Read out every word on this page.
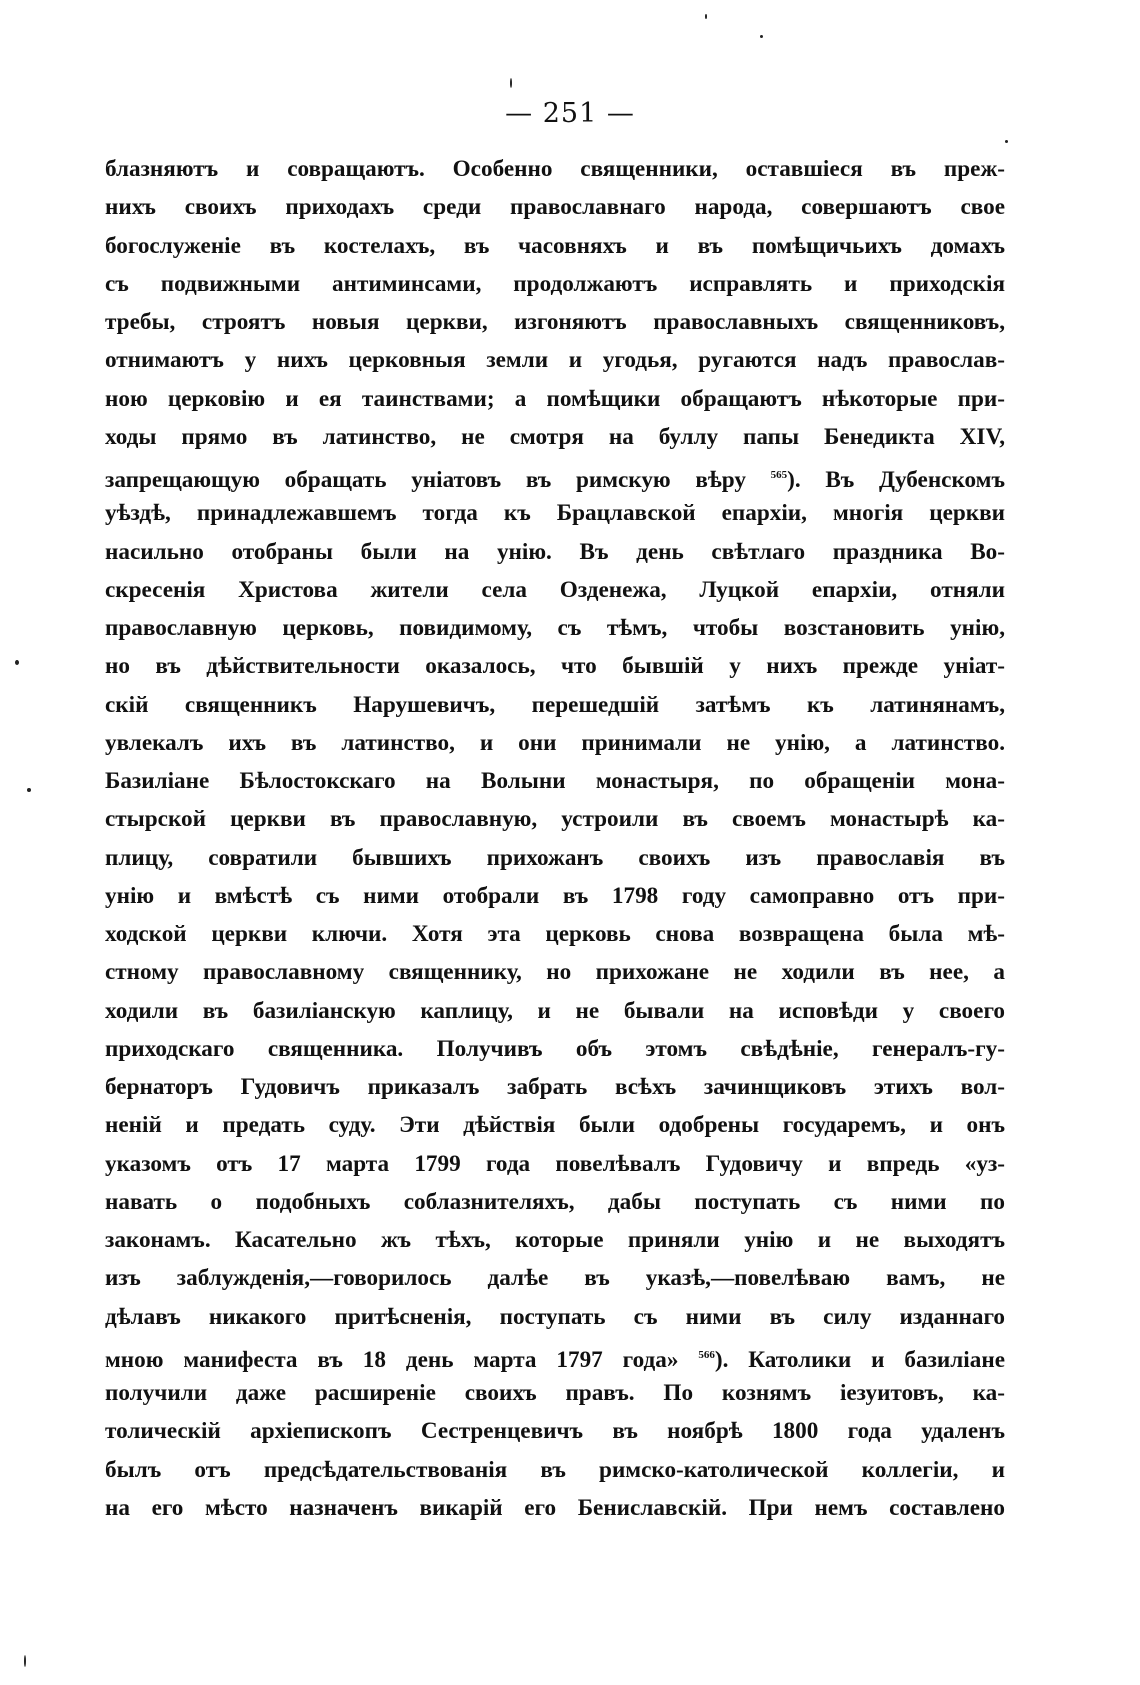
— 251 —
блазняютъ и совращаютъ. Особенно священники, оставшіеся въ преж-
нихъ своихъ приходахъ среди православнаго народа, совершаютъ свое
богослуженіе въ костелахъ, въ часовняхъ и въ помѣщичьихъ домахъ
съ подвижными антиминсами, продолжаютъ исправлять и приходскія
требы, строятъ новыя церкви, изгоняютъ православныхъ священниковъ,
отнимаютъ у нихъ церковныя земли и угодья, ругаются надъ православ-
ною церковію и ея таинствами; а помѣщики обращаютъ нѣкоторые при-
ходы прямо въ латинство, не смотря на буллу папы Бенедикта XIV,
запрещающую обращать уніатовъ въ римскую вѣру $^{565}$). Въ Дубенскомъ
уѣздѣ, принадлежавшемъ тогда къ Брацлавской епархіи, многія церкви
насильно отобраны были на унію. Въ день свѣтлаго праздника Во-
скресенія Христова жители села Озденежа, Луцкой епархіи, отняли
православную церковь, повидимому, съ тѣмъ, чтобы возстановить унію,
но въ дѣйствительности оказалось, что бывшій у нихъ прежде уніат-
скій священникъ Нарушевичъ, перешедшій затѣмъ къ латинянамъ,
увлекалъ ихъ въ латинство, и они принимали не унію, а латинство.
Базиліане Бѣлостокскаго на Волыни монастыря, по обращеніи мона-
стырской церкви въ православную, устроили въ своемъ монастырѣ ка-
плицу, совратили бывшихъ прихожанъ своихъ изъ православія въ
унію и вмѣстѣ съ ними отобрали въ 1798 году самоправно отъ при-
ходской церкви ключи. Хотя эта церковь снова возвращена была мѣ-
стному православному священнику, но прихожане не ходили въ нее, а
ходили въ базиліанскую каплицу, и не бывали на исповѣди у своего
приходскаго священника. Получивъ объ этомъ свѣдѣніе, генералъ-гу-
бернаторъ Гудовичъ приказалъ забрать всѣхъ зачинщиковъ этихъ вол-
неній и предать суду. Эти дѣйствія были одобрены государемъ, и онъ
указомъ отъ 17 марта 1799 года повелѣвалъ Гудовичу и впредь «уз-
навать о подобныхъ соблазнителяхъ, дабы поступать съ ними по
законамъ. Касательно жъ тѣхъ, которые приняли унію и не выходятъ
изъ заблужденія,—говорилось далѣе въ указѣ,—повелѣваю вамъ, не
дѣлавъ никакого притѣсненія, поступать съ ними въ силу изданнаго
мною манифеста въ 18 день марта 1797 года» $^{566}$). Католики и базиліане
получили даже расширеніе своихъ правъ. По кознямъ іезуитовъ, ка-
толическій архіепископъ Сестренцевичъ въ ноябрѣ 1800 года удаленъ
былъ отъ предсѣдательствованія въ римско-католической коллегіи, и
на его мѣсто назначенъ викарій его Бениславскій. При немъ составлено
